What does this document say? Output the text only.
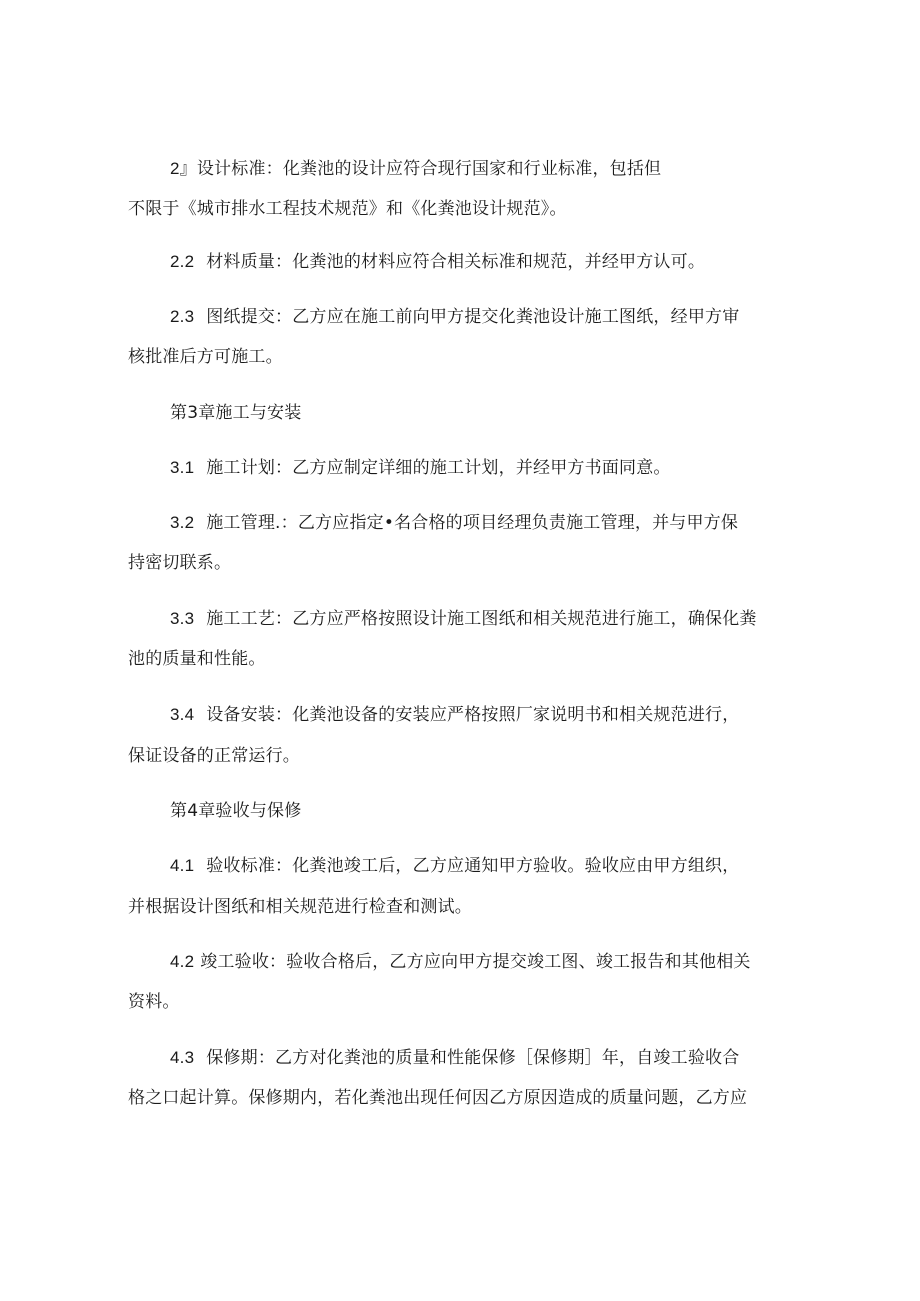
2』设计标准：化粪池的设计应符合现行国家和行业标准，包括但
不限于《城市排水工程技术规范》和《化粪池设计规范》。
2.2 材料质量：化粪池的材料应符合相关标准和规范，并经甲方认可。
2.3 图纸提交：乙方应在施工前向甲方提交化粪池设计施工图纸，经甲方审
核批准后方可施工。
第3章施工与安装
3.1 施工计划：乙方应制定详细的施工计划，并经甲方书面同意。
3.2 施工管理.：乙方应指定•名合格的项目经理负责施工管理，并与甲方保
持密切联系。
3.3 施工工艺：乙方应严格按照设计施工图纸和相关规范进行施工，确保化粪
池的质量和性能。
3.4 设备安装：化粪池设备的安装应严格按照厂家说明书和相关规范进行，
保证设备的正常运行。
第4章验收与保修
4.1 验收标准：化粪池竣工后，乙方应通知甲方验收。验收应由甲方组织，
并根据设计图纸和相关规范进行检查和测试。
4.2 竣工验收：验收合格后，乙方应向甲方提交竣工图、竣工报告和其他相关
资料。
4.3 保修期：乙方对化粪池的质量和性能保修［保修期］年，自竣工验收合
格之口起计算。保修期内，若化粪池出现任何因乙方原因造成的质量问题，乙方应
